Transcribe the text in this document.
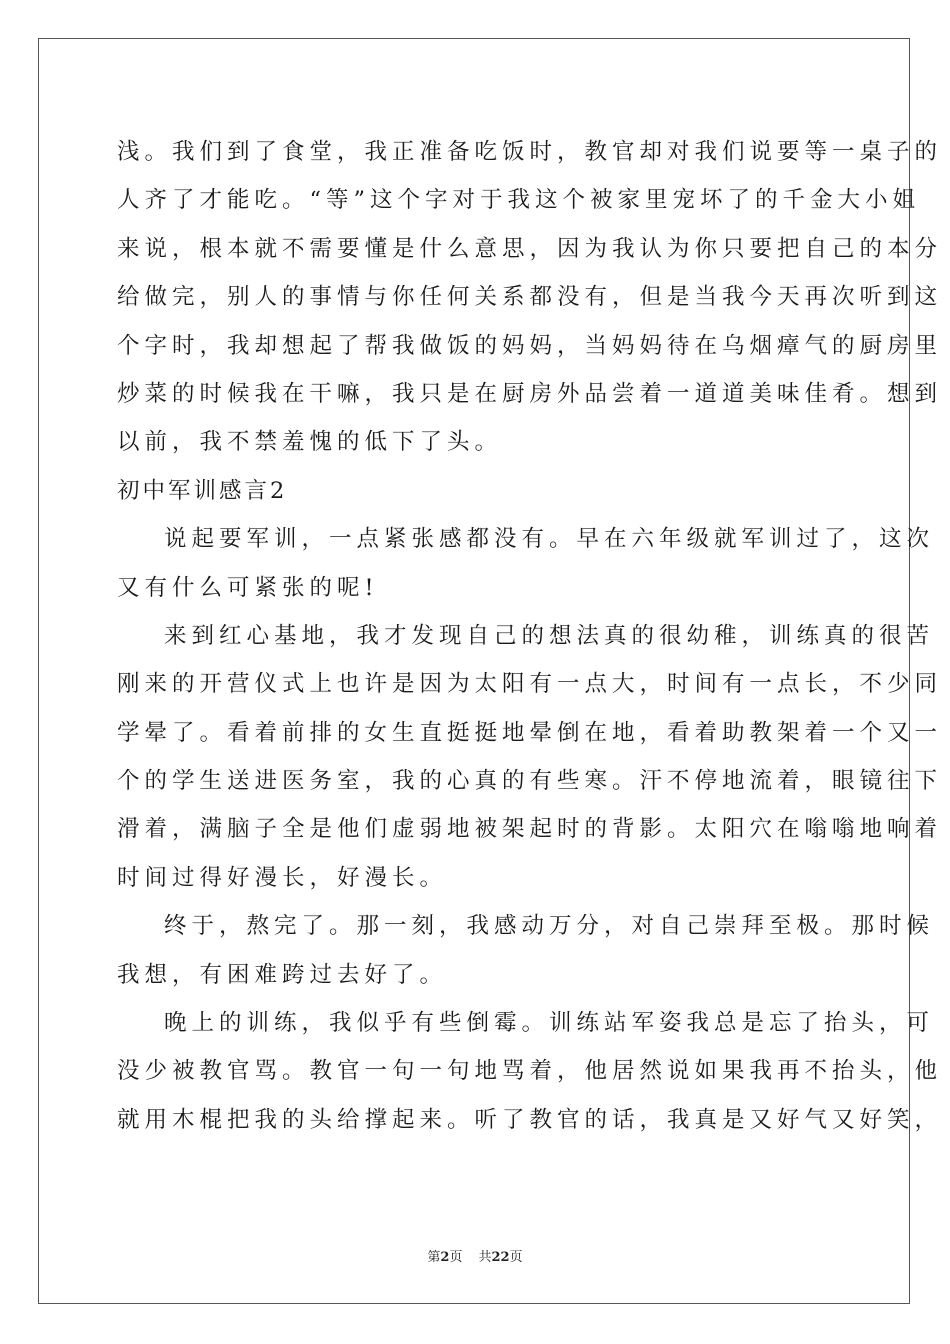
浅。我们到了食堂，我正准备吃饭时，教官却对我们说要等一桌子的
人齐了才能吃。“等”这个字对于我这个被家里宠坏了的千金大小姐
来说，根本就不需要懂是什么意思，因为我认为你只要把自己的本分
给做完，别人的事情与你任何关系都没有，但是当我今天再次听到这
个字时，我却想起了帮我做饭的妈妈，当妈妈待在乌烟瘴气的厨房里
炒菜的时候我在干嘛，我只是在厨房外品尝着一道道美味佳肴。想到
以前，我不禁羞愧的低下了头。
初中军训感言2
说起要军训，一点紧张感都没有。早在六年级就军训过了，这次
又有什么可紧张的呢!
来到红心基地，我才发现自己的想法真的很幼稚，训练真的很苦
刚来的开营仪式上也许是因为太阳有一点大，时间有一点长，不少同
学晕了。看着前排的女生直挺挺地晕倒在地，看着助教架着一个又一
个的学生送进医务室，我的心真的有些寒。汗不停地流着，眼镜往下
滑着，满脑子全是他们虚弱地被架起时的背影。太阳穴在嗡嗡地响着
时间过得好漫长，好漫长。
终于，熬完了。那一刻，我感动万分，对自己崇拜至极。那时候
我想，有困难跨过去好了。
晚上的训练，我似乎有些倒霉。训练站军姿我总是忘了抬头，可
没少被教官骂。教官一句一句地骂着，他居然说如果我再不抬头，他
就用木棍把我的头给撑起来。听了教官的话，我真是又好气又好笑，
第2页 共22页
